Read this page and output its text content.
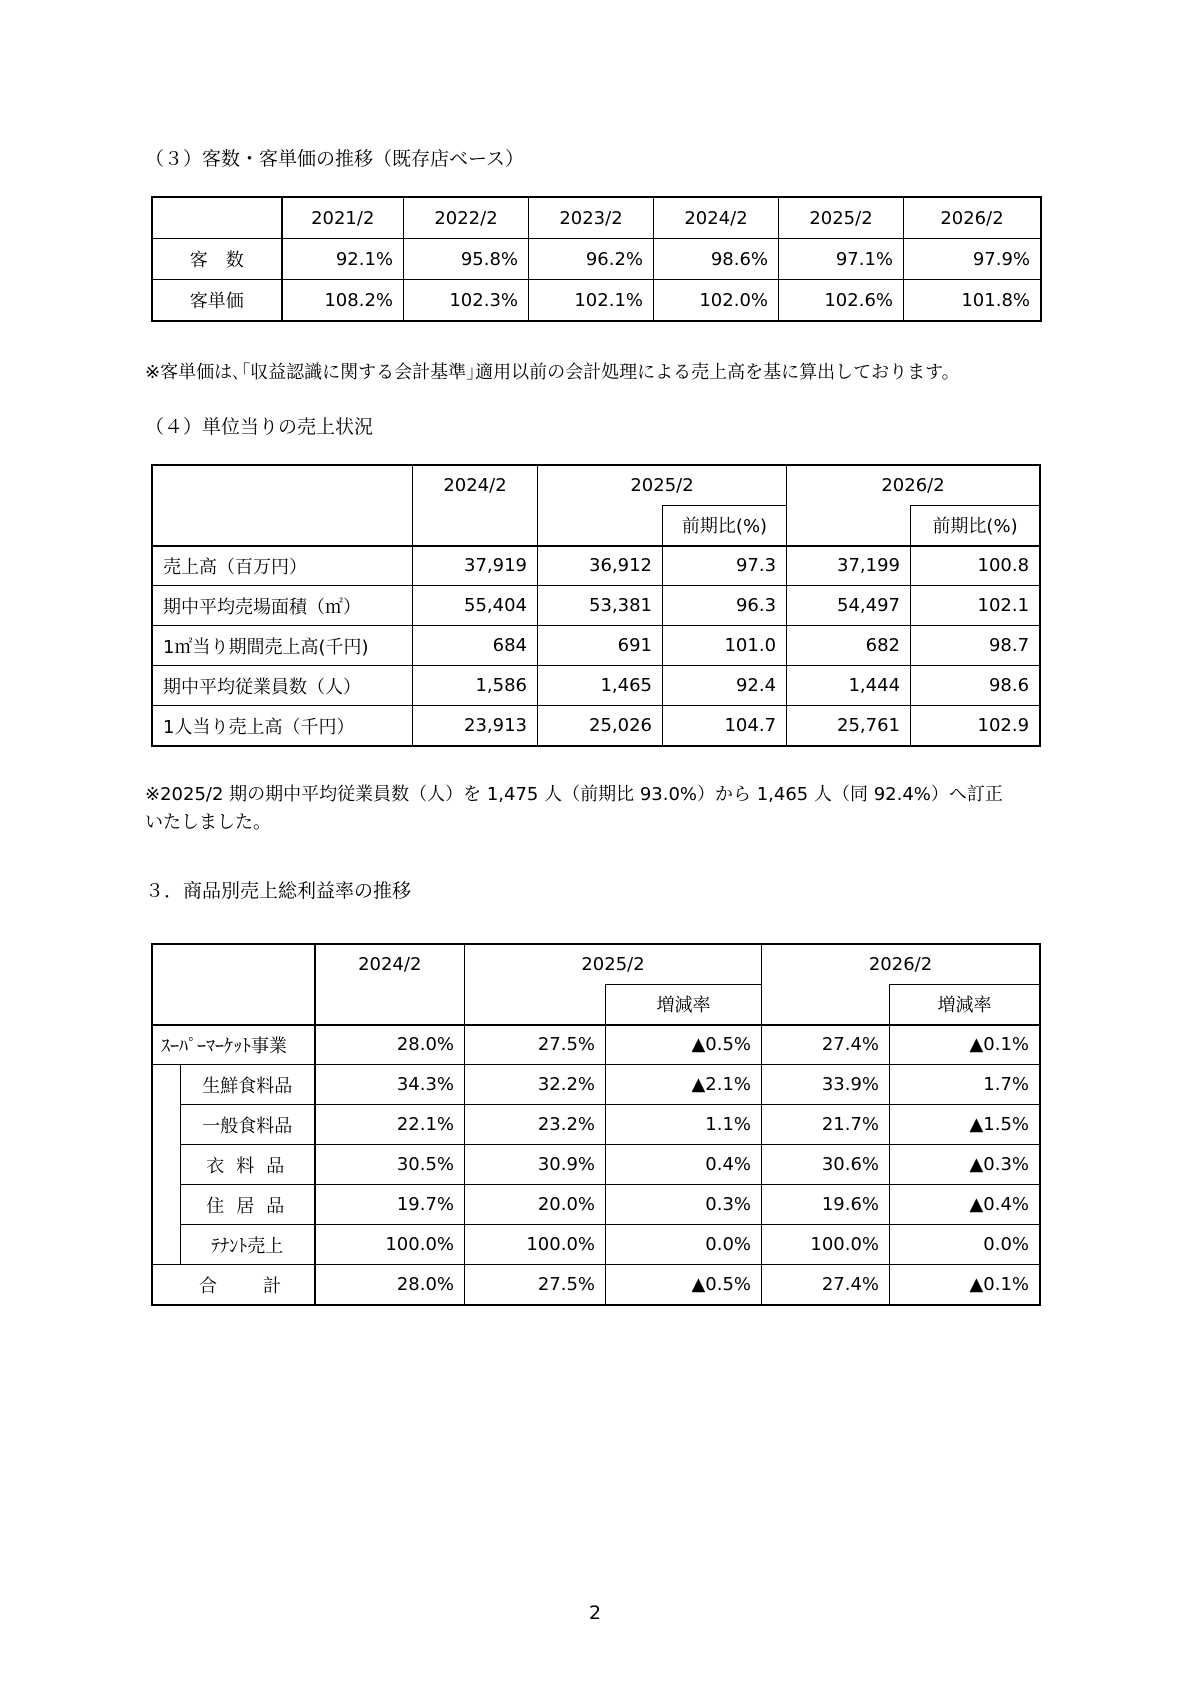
（３）客数・客単価の推移（既存店ベース）
	2021/2	2022/2	2023/2	2024/2	2025/2	2026/2
客　数	92.1%	95.8%	96.2%	98.6%	97.1%	97.9%
客単価	108.2%	102.3%	102.1%	102.0%	102.6%	101.8%
※客単価は､｢収益認識に関する会計基準｣適用以前の会計処理による売上高を基に算出しております。
（４）単位当りの売上状況
	2024/2	2025/2		2026/2	
			前期比(%)		前期比(%)
売上高（百万円）	37,919	36,912	97.3	37,199	100.8
期中平均売場面積（㎡）	55,404	53,381	96.3	54,497	102.1
1㎡当り期間売上高(千円)	684	691	101.0	682	98.7
期中平均従業員数（人）	1,586	1,465	92.4	1,444	98.6
1人当り売上高（千円）	23,913	25,026	104.7	25,761	102.9
※2025/2 期の期中平均従業員数（人）を 1,475 人（前期比 93.0%）から 1,465 人（同 92.4%）へ訂正
いたしました。
３．商品別売上総利益率の推移
		2024/2	2025/2		2026/2	
				増減率		増減率
ｽｰﾊﾟｰﾏｰｹｯﾄ事業		28.0%	27.5%	▲0.5%	27.4%	▲0.1%
	生鮮食料品	34.3%	32.2%	▲2.1%	33.9%	1.7%
	一般食料品	22.1%	23.2%	1.1%	21.7%	▲1.5%
	衣料品	30.5%	30.9%	0.4%	30.6%	▲0.3%
	住居品	19.7%	20.0%	0.3%	19.6%	▲0.4%
	ﾃﾅﾝﾄ売上	100.0%	100.0%	0.0%	100.0%	0.0%
合計		28.0%	27.5%	▲0.5%	27.4%	▲0.1%
2
